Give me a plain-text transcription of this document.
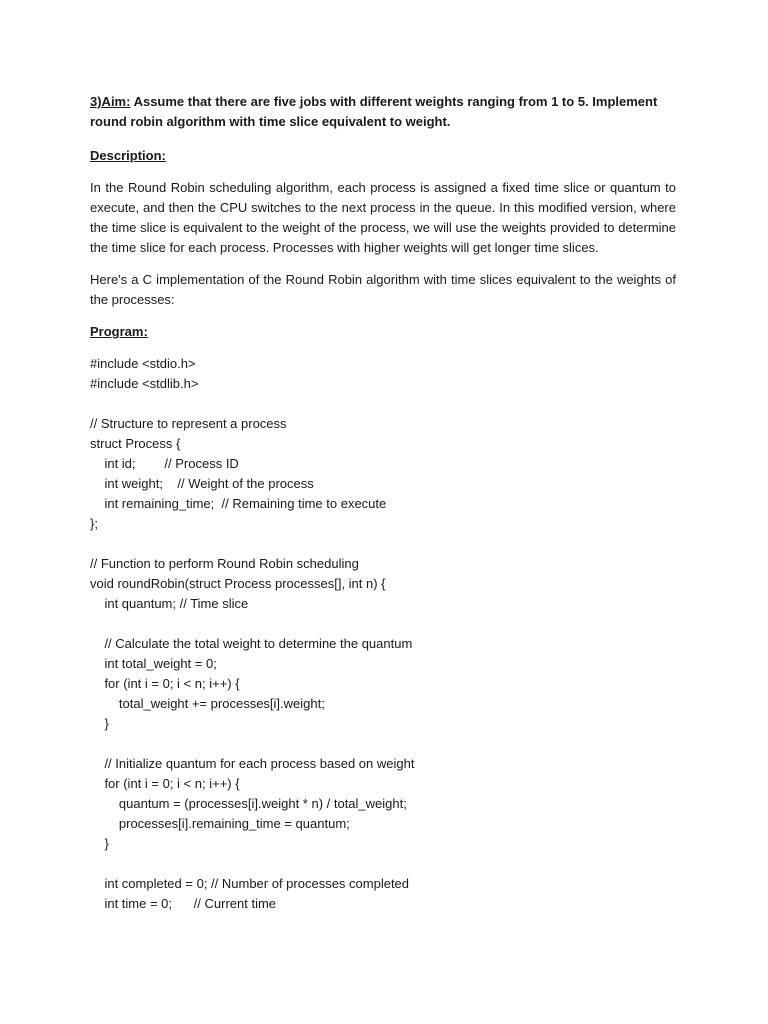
3)Aim: Assume that there are five jobs with different weights ranging from 1 to 5. Implement round robin algorithm with time slice equivalent to weight.

Description:

In the Round Robin scheduling algorithm, each process is assigned a fixed time slice or quantum to execute, and then the CPU switches to the next process in the queue. In this modified version, where the time slice is equivalent to the weight of the process, we will use the weights provided to determine the time slice for each process. Processes with higher weights will get longer time slices.

Here's a C implementation of the Round Robin algorithm with time slices equivalent to the weights of the processes:

Program:

#include <stdio.h>
#include <stdlib.h>
// Structure to represent a process
struct Process {
int id;        // Process ID
int weight;    // Weight of the process
int remaining_time;  // Remaining time to execute
};
// Function to perform Round Robin scheduling
void roundRobin(struct Process processes[], int n) {
int quantum; // Time slice
// Calculate the total weight to determine the quantum
int total_weight = 0;
for (int i = 0; i < n; i++) {
total_weight += processes[i].weight;
}
// Initialize quantum for each process based on weight
for (int i = 0; i < n; i++) {
quantum = (processes[i].weight * n) / total_weight;
processes[i].remaining_time = quantum;
}
int completed = 0; // Number of processes completed
int time = 0;      // Current time
